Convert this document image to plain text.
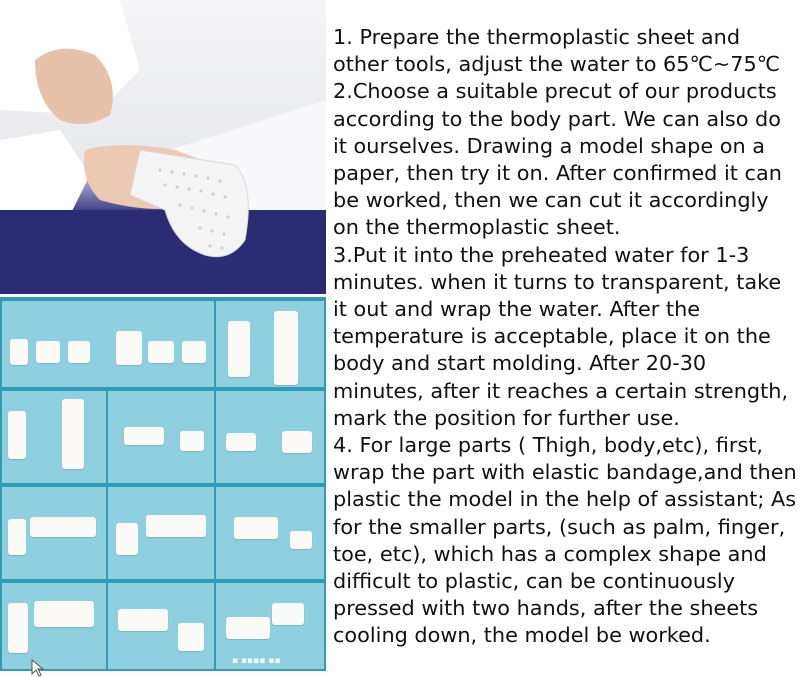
▪ ▪▪▪▪ ▪▪
1. Prepare the thermoplastic sheet and other tools, adjust the water to 65℃~75℃
2.Choose a suitable precut of our products according to the body part. We can also do it ourselves. Drawing a model shape on a paper, then try it on. After confirmed it can be worked, then we can cut it accordingly on the thermoplastic sheet.
3.Put it into the preheated water for 1-3 minutes. when it turns to transparent, take it out and wrap the water. After the temperature is acceptable, place it on the body and start molding. After 20-30 minutes, after it reaches a certain strength, mark the position for further use.
4. For large parts ( Thigh, body,etc), first, wrap the part with elastic bandage,and then plastic the model in the help of assistant; As for the smaller parts, (such as palm, finger, toe, etc), which has a complex shape and difficult to plastic, can be continuously pressed with two hands, after the sheets cooling down, the model be worked.
